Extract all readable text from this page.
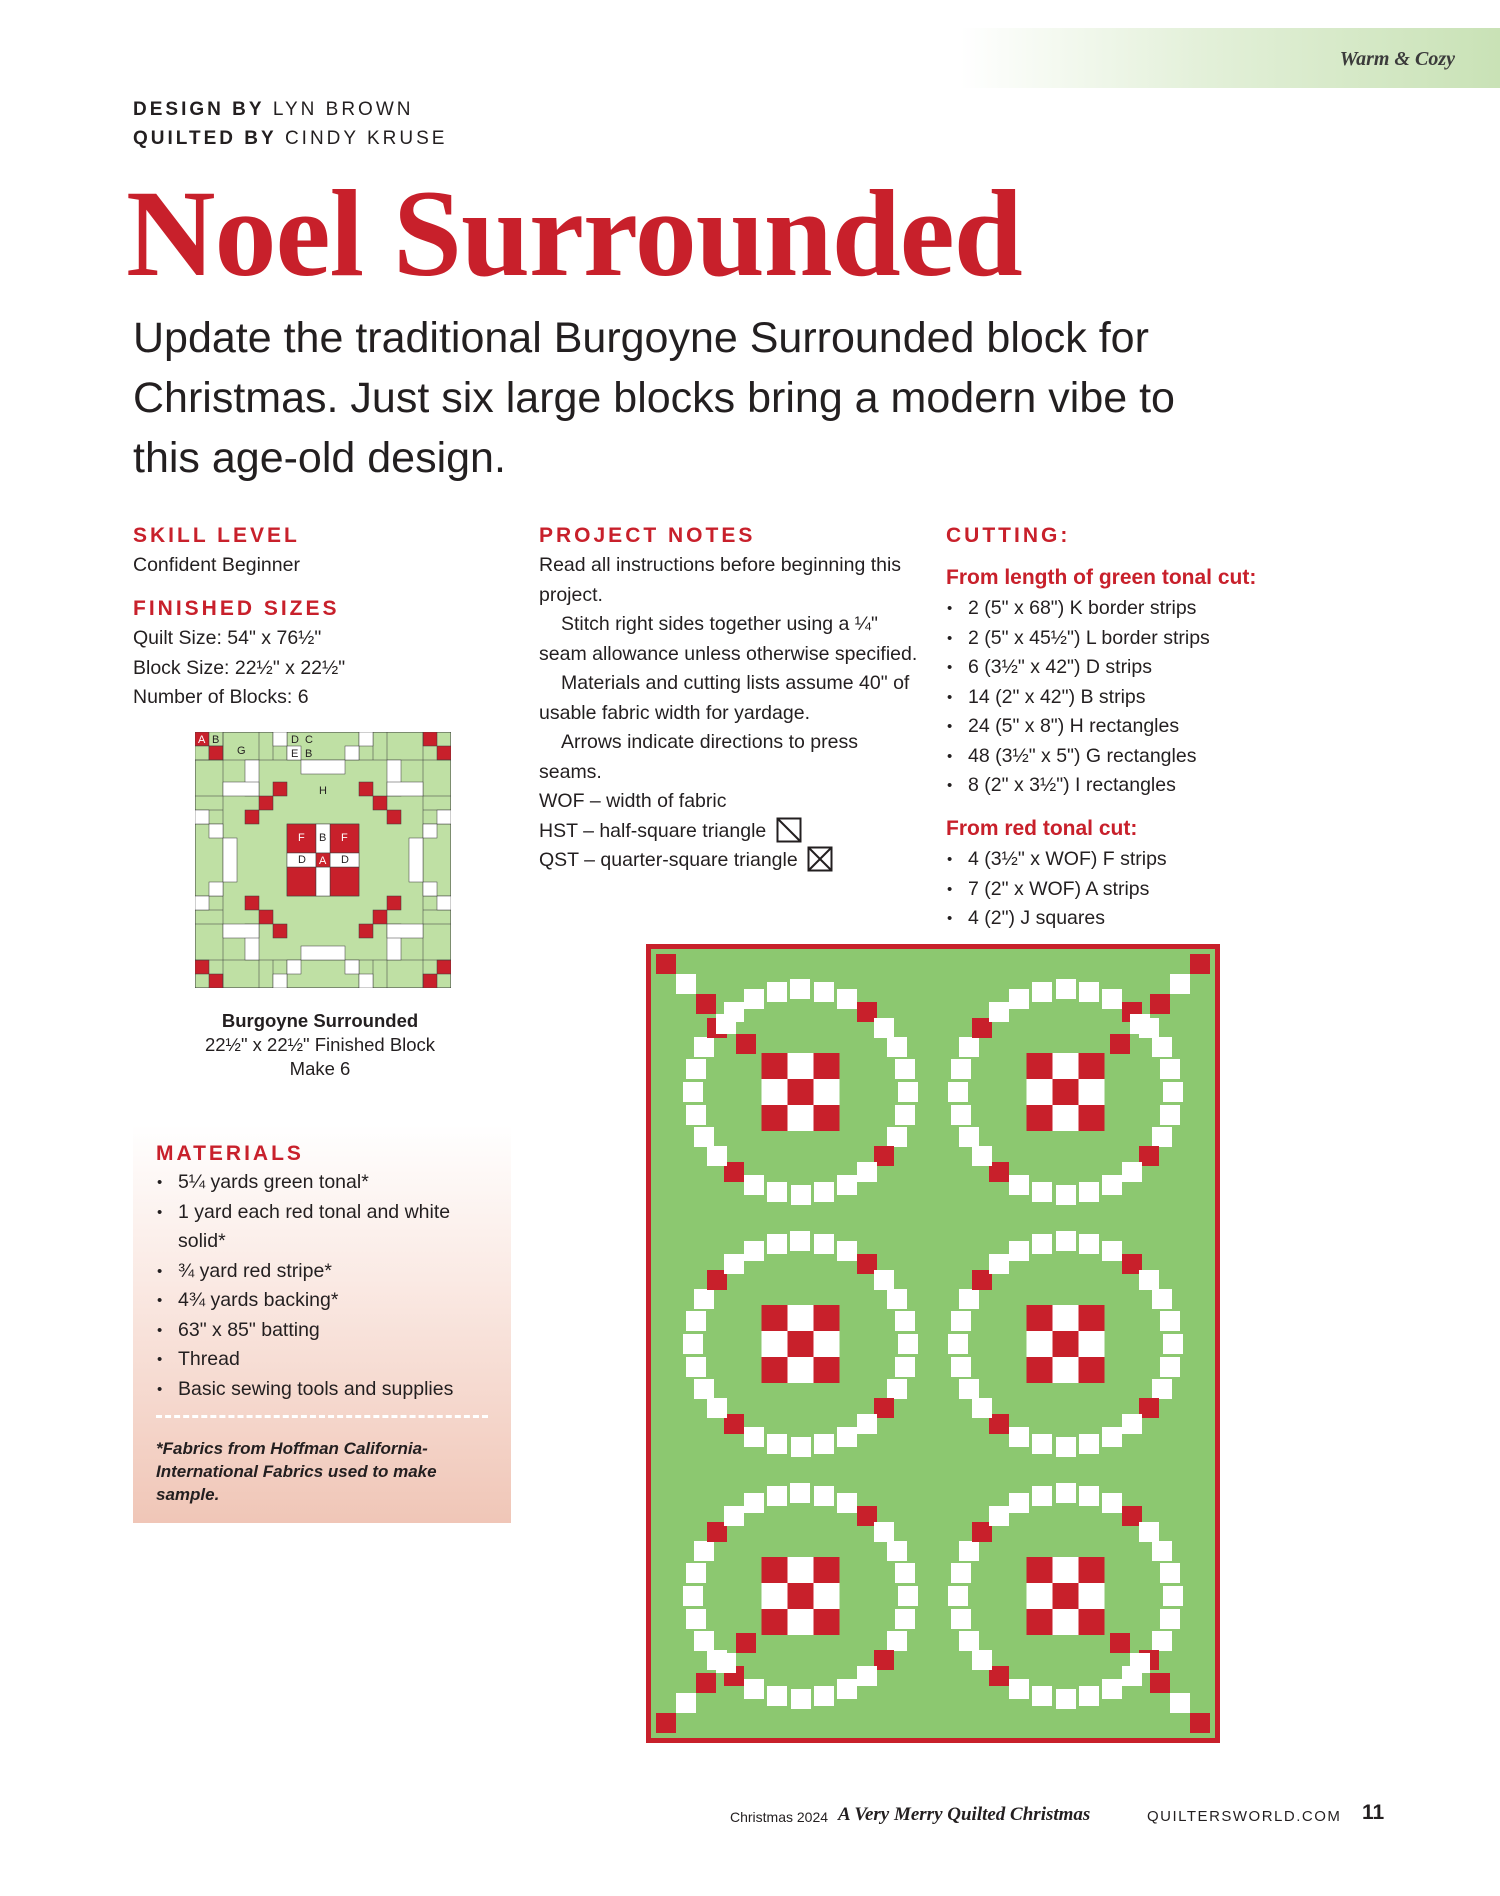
Warm & Cozy
DESIGN BY LYN BROWN
QUILTED BY CINDY KRUSE
Noel Surrounded

Update the traditional Burgoyne Surrounded block for Christmas. Just six large blocks bring a modern vibe to this age-old design.

SKILL LEVEL
Confident Beginner
FINISHED SIZES
Quilt Size: 54" x 76½"
Block Size: 22½" x 22½"
Number of Blocks: 6
A B
G
D C
E B
H
F B F
D A D
Burgoyne Surrounded
22½" x 22½" Finished Block
Make 6
MATERIALS
• 5¼ yards green tonal*
• 1 yard each red tonal and white solid*
• ¾ yard red stripe*
• 4¾ yards backing*
• 63" x 85" batting
• Thread
• Basic sewing tools and supplies

*Fabrics from Hoffman California-International Fabrics used to make sample.

PROJECT NOTES

Read all instructions before beginning this project.

Stitch right sides together using a ¼" seam allowance unless otherwise specified.

Materials and cutting lists assume 40" of usable fabric width for yardage.

Arrows indicate directions to press seams.

WOF – width of fabric

HST – half-square triangle

QST – quarter-square triangle

CUTTING:
From length of green tonal cut:
• 2 (5" x 68") K border strips
• 2 (5" x 45½") L border strips
• 6 (3½" x 42") D strips
• 14 (2" x 42") B strips
• 24 (5" x 8") H rectangles
• 48 (3½" x 5") G rectangles
• 8 (2" x 3½") I rectangles
From red tonal cut:
• 4 (3½" x WOF) F strips
• 7 (2" x WOF) A strips
• 4 (2") J squares
Christmas 2024 A Very Merry Quilted Christmas	QUILTERSWORLD.COM 11
